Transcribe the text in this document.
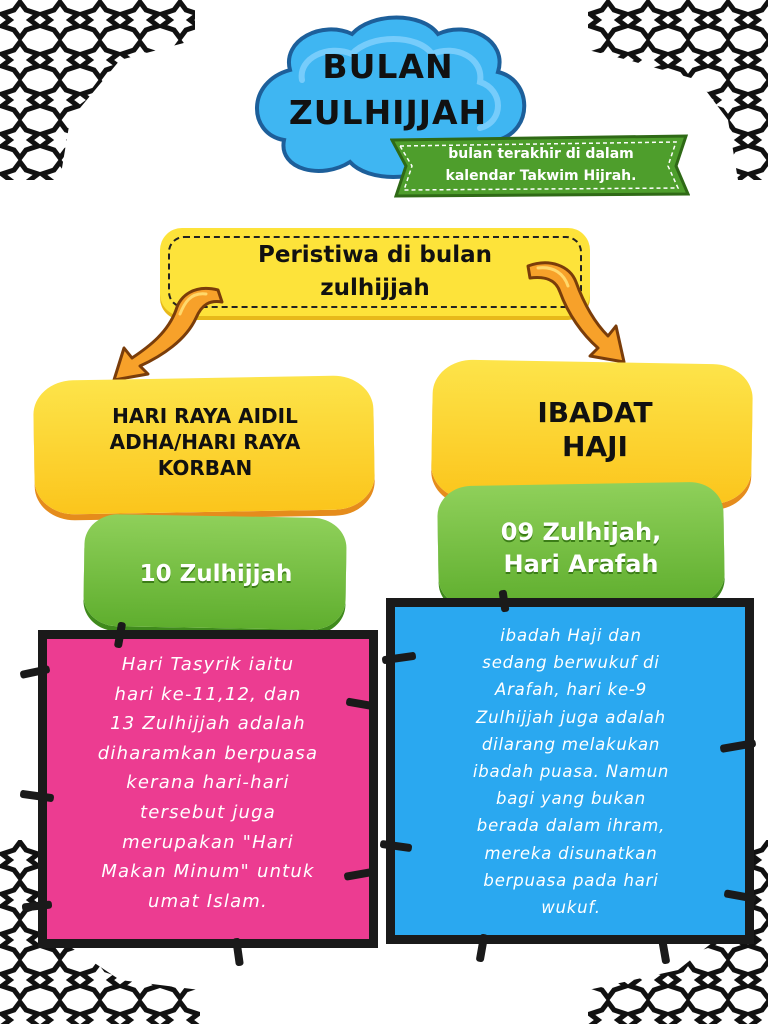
BULAN
ZULHIJJAH
bulan terakhir di dalam
kalendar Takwim Hijrah.
Peristiwa di bulan
zulhijjah
HARI RAYA AIDIL ADHA/HARI RAYA KORBAN
IBADAT
HAJI
10 Zulhijjah
09 Zulhijah,
Hari Arafah
Hari Tasyrik iaitu
hari ke-11,12, dan
13 Zulhijjah adalah
diharamkan berpuasa
kerana hari-hari
tersebut juga
merupakan "Hari
Makan Minum" untuk
umat Islam.
ibadah Haji dan
sedang berwukuf di
Arafah, hari ke-9
Zulhijjah juga adalah
dilarang melakukan
ibadah puasa. Namun
bagi yang bukan
berada dalam ihram,
mereka disunatkan
berpuasa pada hari
wukuf.
